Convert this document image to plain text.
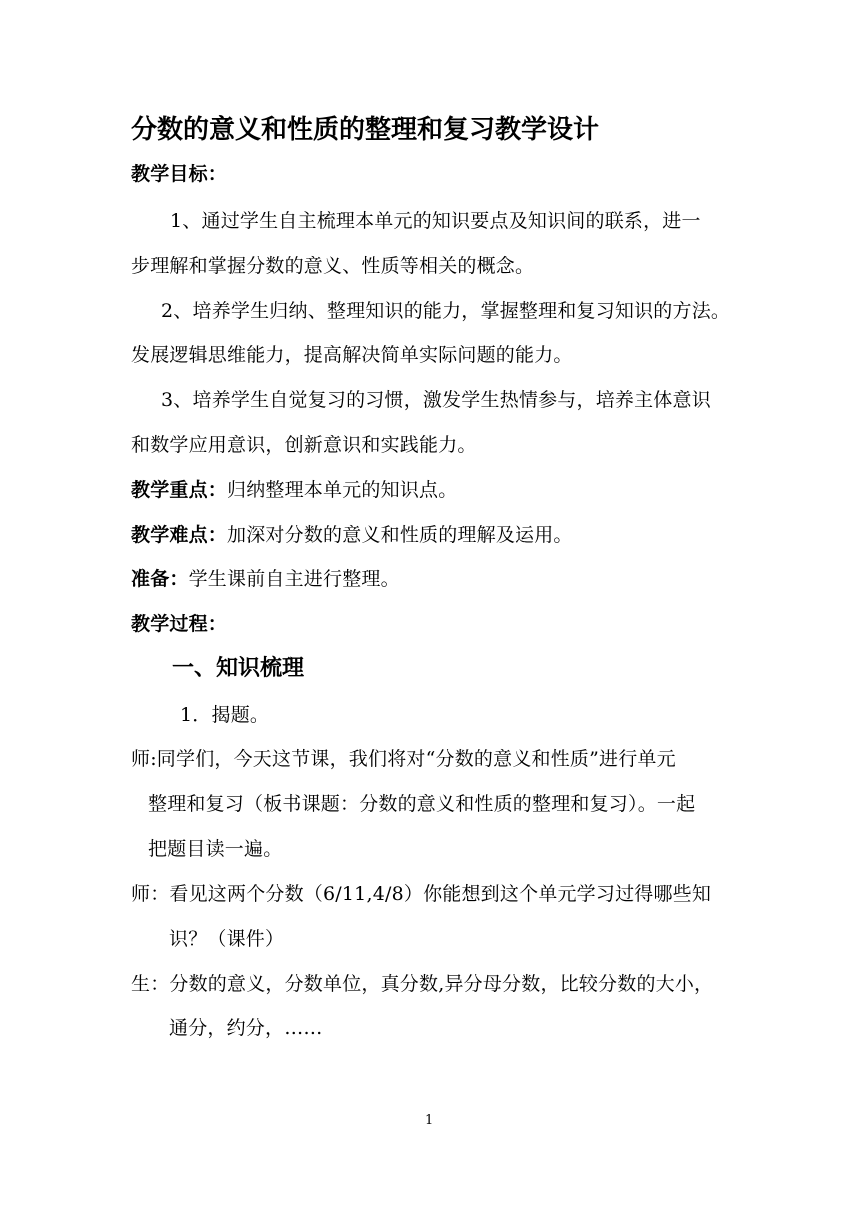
分数的意义和性质的整理和复习教学设计
教学目标：
1、通过学生自主梳理本单元的知识要点及知识间的联系，进一
步理解和掌握分数的意义、性质等相关的概念。
2、培养学生归纳、整理知识的能力，掌握整理和复习知识的方法。
发展逻辑思维能力，提高解决简单实际问题的能力。
3、培养学生自觉复习的习惯，激发学生热情参与，培养主体意识
和数学应用意识，创新意识和实践能力。
教学重点：归纳整理本单元的知识点。
教学难点：加深对分数的意义和性质的理解及运用。
准备：学生课前自主进行整理。
教学过程：
一、知识梳理
1．揭题。
师:同学们，今天这节课，我们将对“分数的意义和性质”进行单元
整理和复习（板书课题：分数的意义和性质的整理和复习）。一起
把题目读一遍。
师：看见这两个分数（6/11,4/8）你能想到这个单元学习过得哪些知
识？（课件）
生：分数的意义，分数单位，真分数,异分母分数，比较分数的大小，
通分，约分，……
1
